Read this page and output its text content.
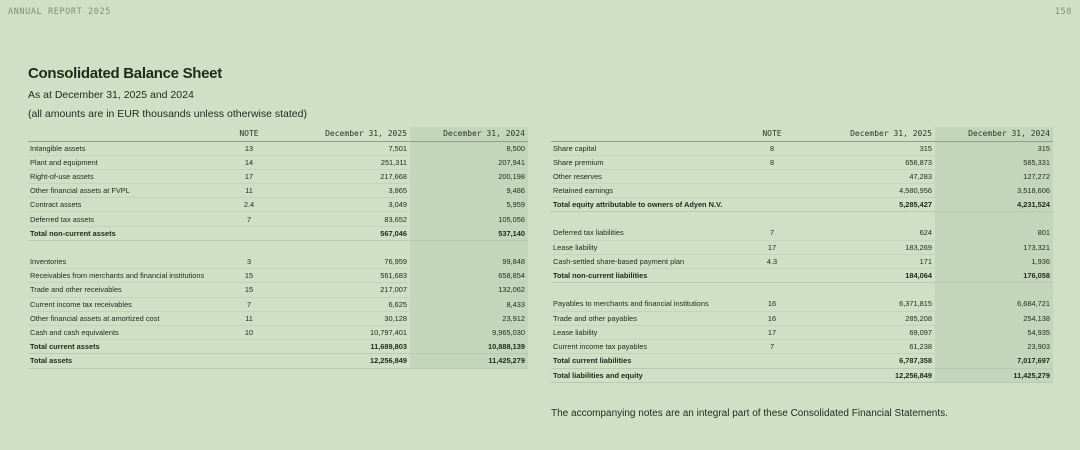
ANNUAL REPORT 2025	158
Consolidated Balance Sheet
As at December 31, 2025 and 2024
(all amounts are in EUR thousands unless otherwise stated)
	NOTE	December 31, 2025	December 31, 2024
Intangible assets	13	7,501	8,500
Plant and equipment	14	251,311	207,941
Right-of-use assets	17	217,668	200,198
Other financial assets at FVPL	11	3,865	9,486
Contract assets	2.4	3,049	5,959
Deferred tax assets	7	83,652	105,056
Total non-current assets		567,046	537,140

Inventories	3	76,959	99,848
Receivables from merchants and financial institutions	15	561,683	658,854
Trade and other receivables	15	217,007	132,062
Current income tax receivables	7	6,625	8,433
Other financial assets at amortized cost	11	30,128	23,912
Cash and cash equivalents	10	10,797,401	9,965,030
Total current assets		11,689,803	10,888,139
Total assets		12,256,849	11,425,279
	NOTE	December 31, 2025	December 31, 2024
Share capital	8	315	315
Share premium	8	656,873	585,331
Other reserves		47,283	127,272
Retained earnings		4,580,956	3,518,606
Total equity attributable to owners of Adyen N.V.		5,285,427	4,231,524

Deferred tax liabilities	7	624	801
Lease liability	17	183,269	173,321
Cash-settled share-based payment plan	4.3	171	1,936
Total non-current liabilities		184,064	176,058

Payables to merchants and financial institutions	16	6,371,815	6,684,721
Trade and other payables	16	285,208	254,138
Lease liability	17	69,097	54,935
Current income tax payables	7	61,238	23,903
Total current liabilities		6,787,358	7,017,697
Total liabilities and equity		12,256,849	11,425,279
The accompanying notes are an integral part of these Consolidated Financial Statements.
